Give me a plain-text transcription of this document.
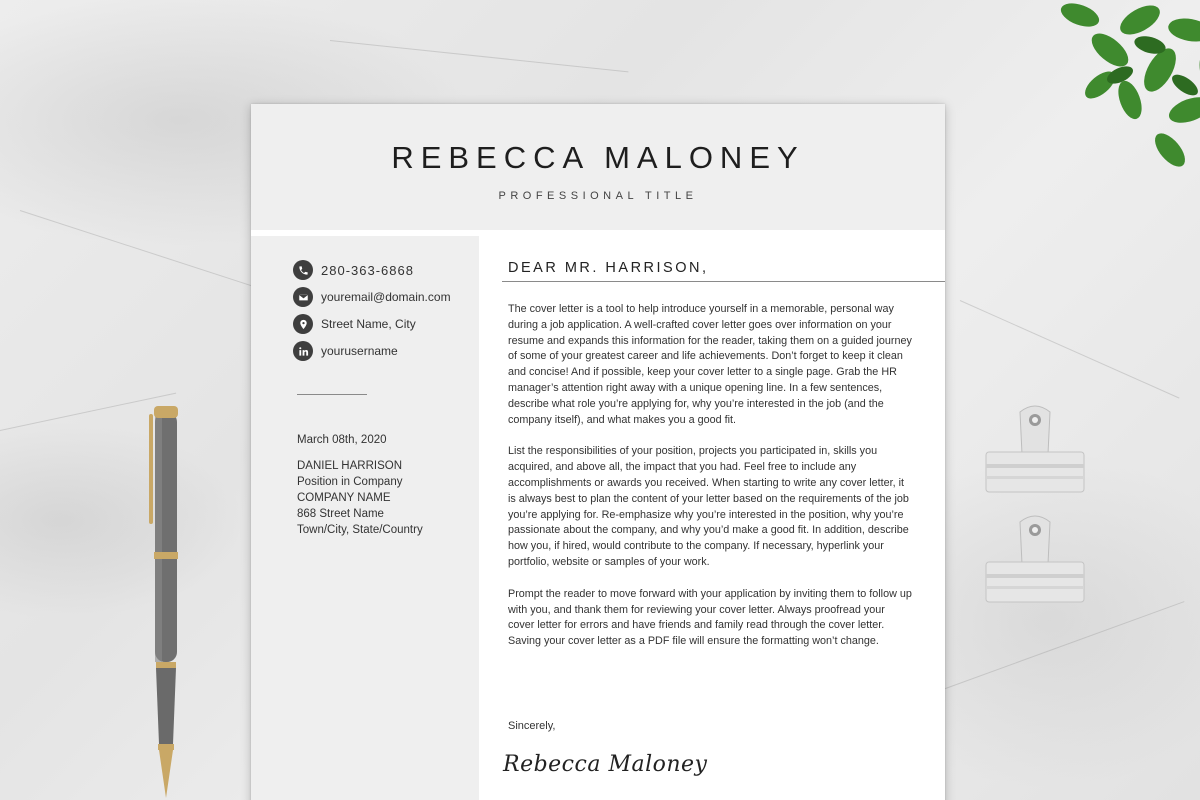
REBECCA MALONEY
PROFESSIONAL TITLE
280-363-6868
youremail@domain.com
Street Name, City
yourusername
March 08th, 2020
DANIEL HARRISON
Position in Company
COMPANY NAME
868 Street Name
Town/City, State/Country
DEAR MR. HARRISON,

The cover letter is a tool to help introduce yourself in a memorable, personal way during a job application. A well-crafted cover letter goes over information on your resume and expands this information for the reader, taking them on a guided journey of some of your greatest career and life achievements. Don’t forget to keep it clean and concise! And if possible, keep your cover letter to a single page. Grab the HR manager’s attention right away with a unique opening line. In a few sentences, describe what role you’re applying for, why you’re interested in the job (and the company itself), and what makes you a good fit.

List the responsibilities of your position, projects you participated in, skills you acquired, and above all, the impact that you had. Feel free to include any accomplishments or awards you received. When starting to write any cover letter, it is always best to plan the content of your letter based on the requirements of the job you’re applying for. Re-emphasize why you’re interested in the position, why you’re passionate about the company, and why you’d make a good fit. In addition, describe how you, if hired, would contribute to the company. If necessary, hyperlink your portfolio, website or samples of your work.

Prompt the reader to move forward with your application by inviting them to follow up with you, and thank them for reviewing your cover letter. Always proofread your cover letter for errors and have friends and family read through the cover letter. Saving your cover letter as a PDF file will ensure the formatting won’t change.

Sincerely,
Rebecca Maloney
